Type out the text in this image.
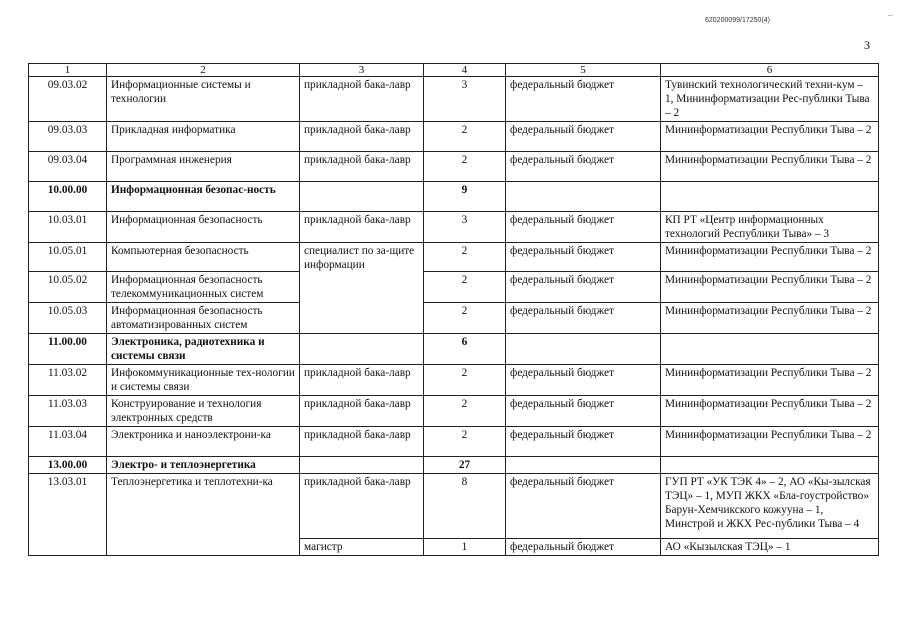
–
620200099/17250(4)
3
1	2	3	4	5	6
09.03.02	Информационные системы и технологии	прикладной бака-лавр	3	федеральный бюджет	Тувинский технологический техни-кум – 1, Мининформатизации Рес-публики Тыва – 2
09.03.03	Прикладная информатика	прикладной бака-лавр	2	федеральный бюджет	Мининформатизации Республики Тыва – 2
09.03.04	Программная инженерия	прикладной бака-лавр	2	федеральный бюджет	Мининформатизации Республики Тыва – 2
10.00.00	Информационная безопас-ность		9		
10.03.01	Информационная безопасность	прикладной бака-лавр	3	федеральный бюджет	КП РТ «Центр информационных технологий Республики Тыва» – 3
10.05.01	Компьютерная безопасность	специалист по за-щите информации	2	федеральный бюджет	Мининформатизации Республики Тыва – 2
10.05.02	Информационная безопасность телекоммуникационных систем		2	федеральный бюджет	Мининформатизации Республики Тыва – 2
10.05.03	Информационная безопасность автоматизированных систем		2	федеральный бюджет	Мининформатизации Республики Тыва – 2
11.00.00	Электроника, радиотехника и системы связи		6		
11.03.02	Инфокоммуникационные тех-нологии и системы связи	прикладной бака-лавр	2	федеральный бюджет	Мининформатизации Республики Тыва – 2
11.03.03	Конструирование и технология электронных средств	прикладной бака-лавр	2	федеральный бюджет	Мининформатизации Республики Тыва – 2
11.03.04	Электроника и наноэлектрони-ка	прикладной бака-лавр	2	федеральный бюджет	Мининформатизации Республики Тыва – 2
13.00.00	Электро- и теплоэнергетика		27		
13.03.01	Теплоэнергетика и теплотехни-ка	прикладной бака-лавр	8	федеральный бюджет	ГУП РТ «УК ТЭК 4» – 2, АО «Кы-зылская ТЭЦ» – 1, МУП ЖКХ «Бла-гоустройство» Барун-Хемчикского кожууна – 1, Минстрой и ЖКХ Рес-публики Тыва – 4
		магистр	1	федеральный бюджет	АО «Кызылская ТЭЦ» – 1
